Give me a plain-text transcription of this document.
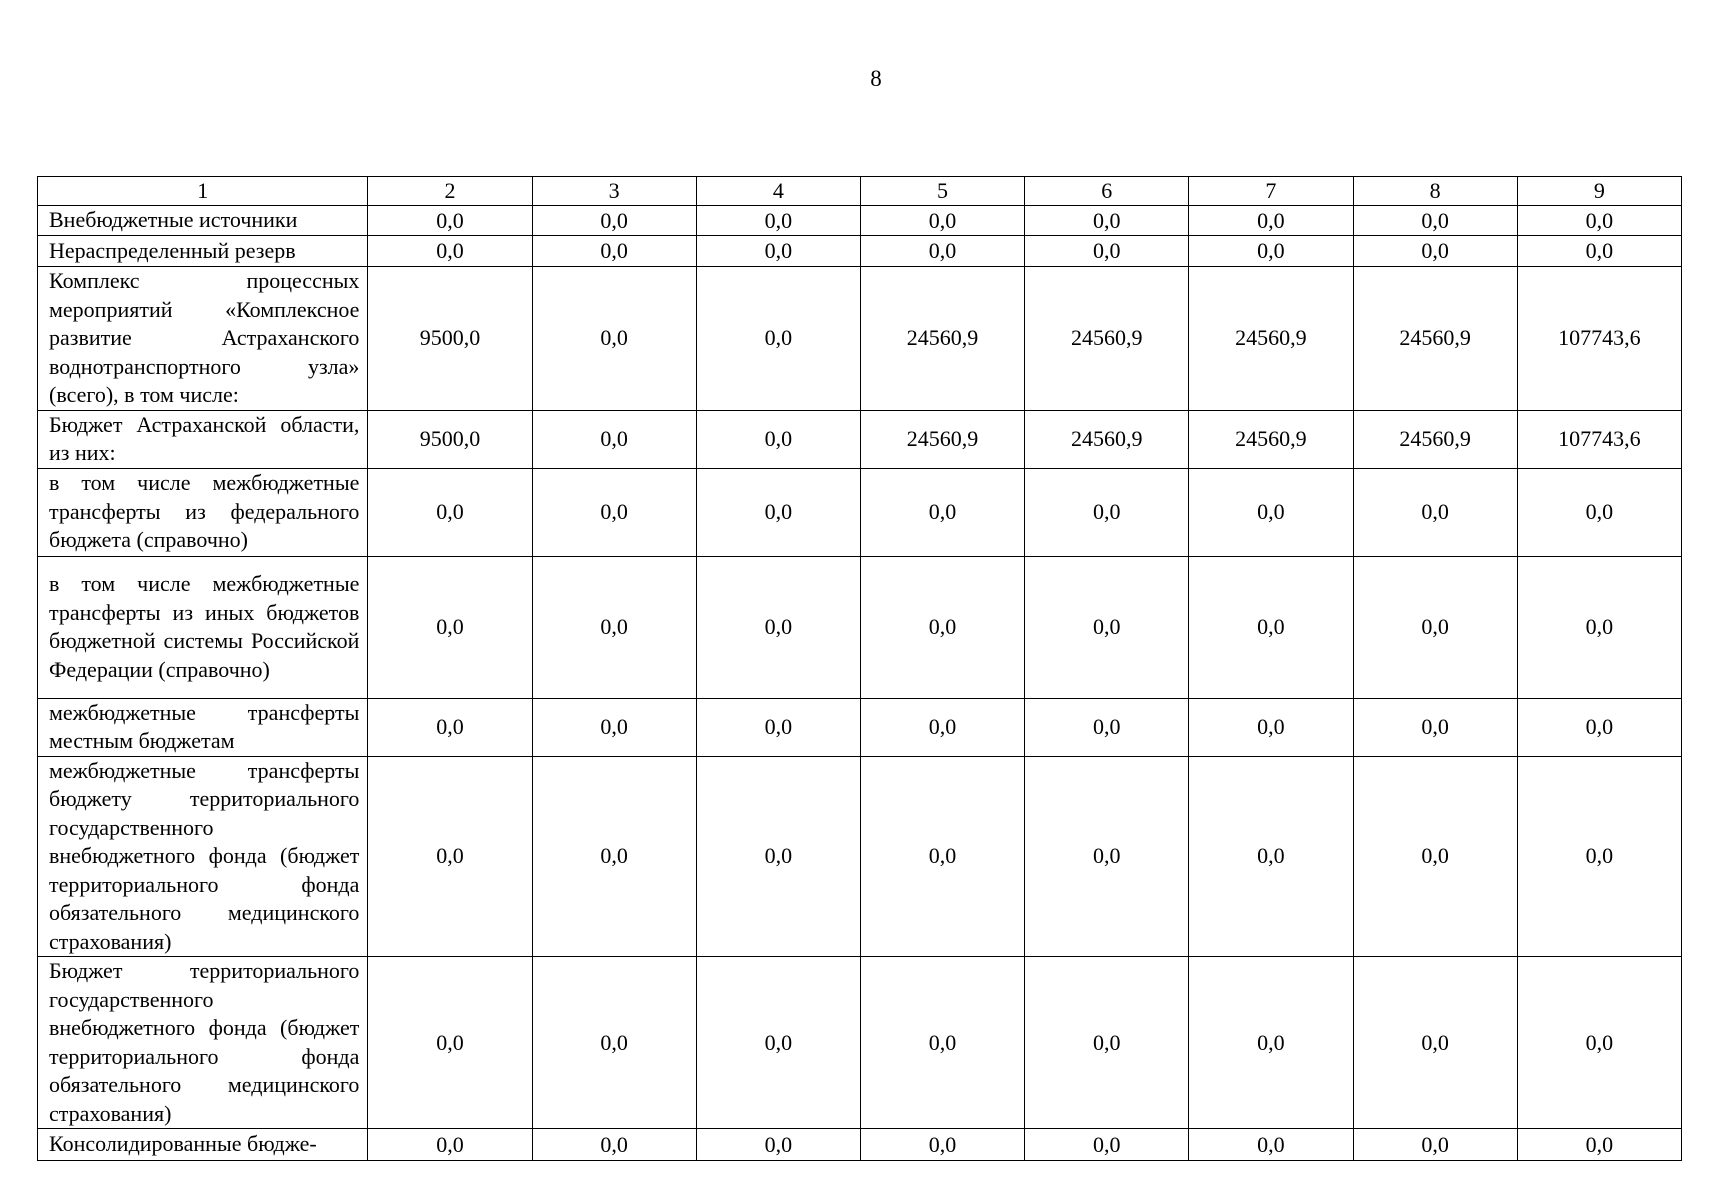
8
1	2	3	4	5	6	7	8	9
Внебюджетные источники	0,0	0,0	0,0	0,0	0,0	0,0	0,0	0,0
Нераспределенный резерв	0,0	0,0	0,0	0,0	0,0	0,0	0,0	0,0
Комплекс процессных мероприятий «Комплексное развитие Астраханского воднотранспортного узла» (всего), в том числе:	9500,0	0,0	0,0	24560,9	24560,9	24560,9	24560,9	107743,6
Бюджет Астраханской области, из них:	9500,0	0,0	0,0	24560,9	24560,9	24560,9	24560,9	107743,6
в том числе межбюджетные трансферты из федерального бюджета (справочно)	0,0	0,0	0,0	0,0	0,0	0,0	0,0	0,0
в том числе межбюджетные трансферты из иных бюджетов бюджетной системы Российской Федерации (справочно)	0,0	0,0	0,0	0,0	0,0	0,0	0,0	0,0
межбюджетные трансферты местным бюджетам	0,0	0,0	0,0	0,0	0,0	0,0	0,0	0,0
межбюджетные трансферты бюджету территориального государственного внебюджетного фонда (бюджет территориального фонда обязательного медицинского страхования)	0,0	0,0	0,0	0,0	0,0	0,0	0,0	0,0
Бюджет территориального государственного внебюджетного фонда (бюджет территориального фонда обязательного медицинского страхования)	0,0	0,0	0,0	0,0	0,0	0,0	0,0	0,0
Консолидированные бюдже-	0,0	0,0	0,0	0,0	0,0	0,0	0,0	0,0
